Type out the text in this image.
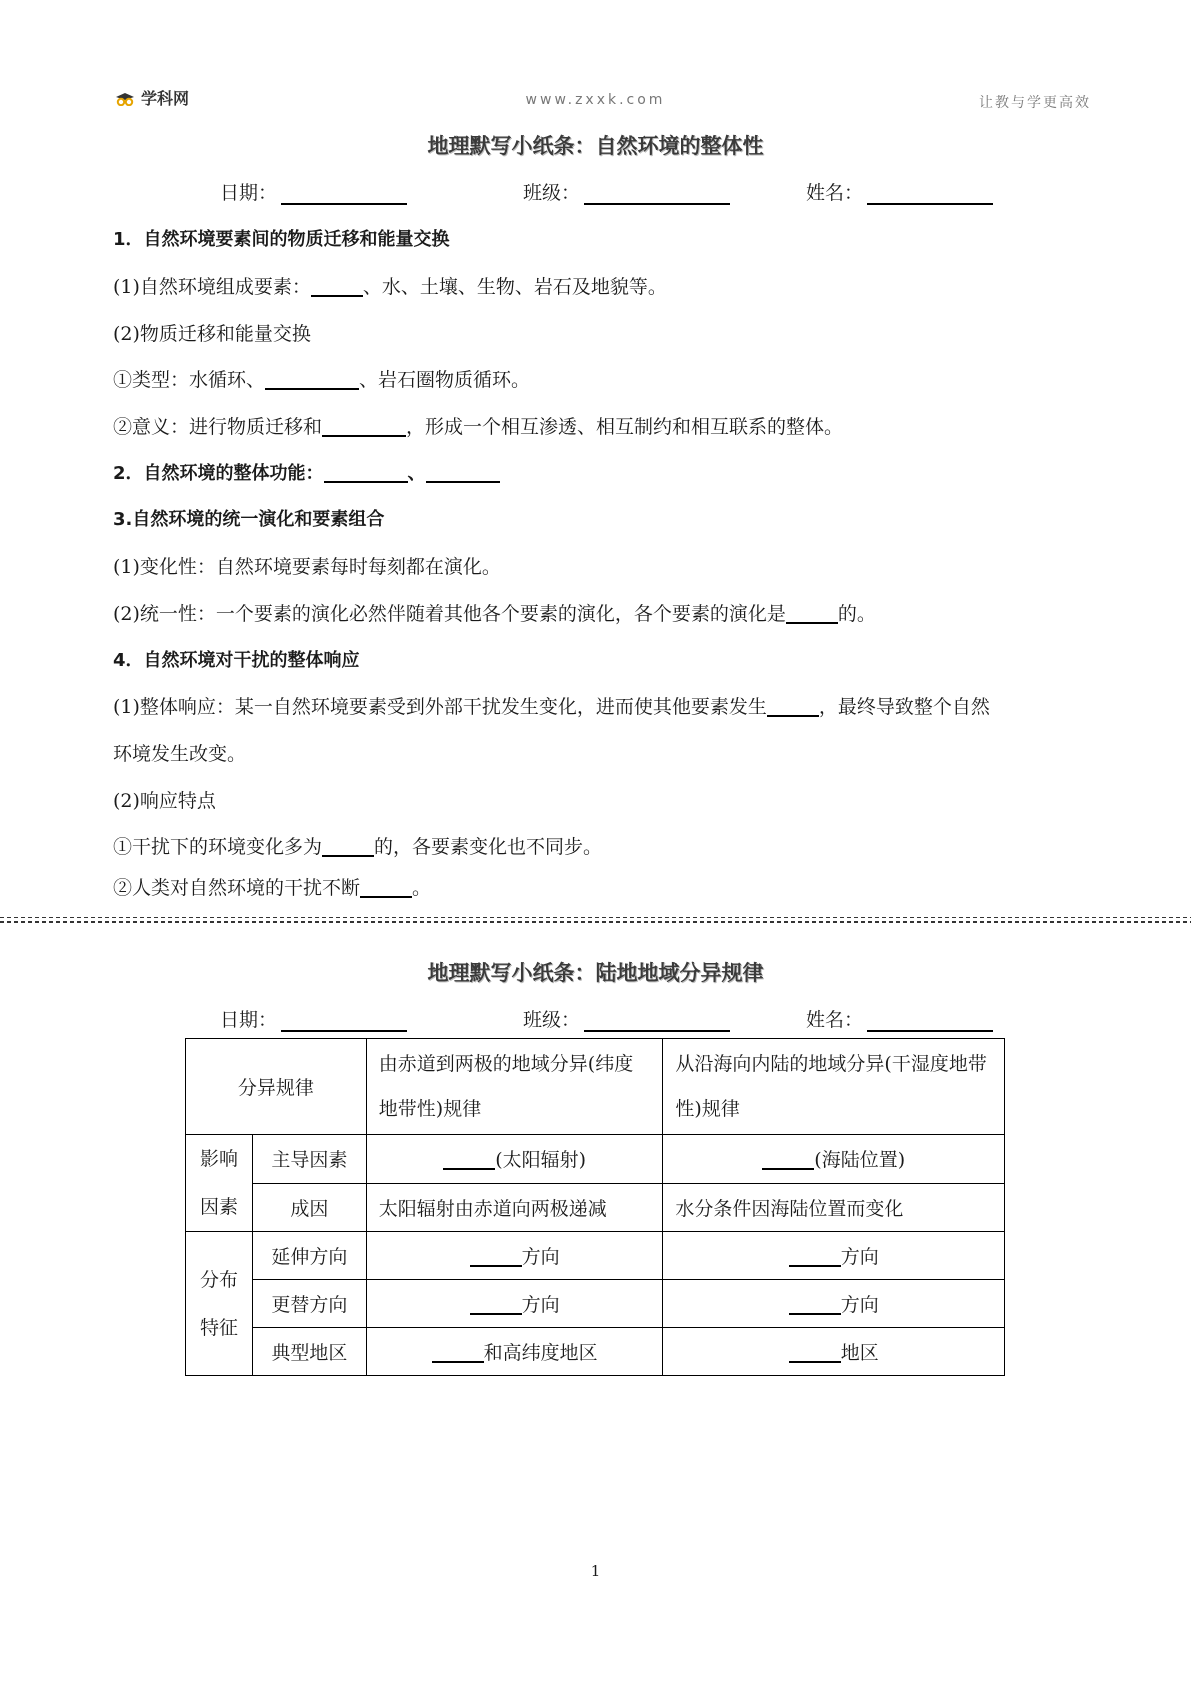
学科网	www.zxxk.com	让教与学更高效
地理默写小纸条：自然环境的整体性
日期：	班级：	姓名：
1．自然环境要素间的物质迁移和能量交换
(1)自然环境组成要素：	、水、土壤、生物、岩石及地貌等。
(2)物质迁移和能量交换
①类型：水循环、	、岩石圈物质循环。
②意义：进行物质迁移和	，形成一个相互渗透、相互制约和相互联系的整体。
2．自然环境的整体功能：	、
3.自然环境的统一演化和要素组合
(1)变化性：自然环境要素每时每刻都在演化。
(2)统一性：一个要素的演化必然伴随着其他各个要素的演化，各个要素的演化是	的。
4．自然环境对干扰的整体响应
(1)整体响应：某一自然环境要素受到外部干扰发生变化，进而使其他要素发生	，最终导致整个自然
环境发生改变。
(2)响应特点
①干扰下的环境变化多为	的，各要素变化也不同步。
②人类对自然环境的干扰不断	。
地理默写小纸条：陆地地域分异规律
日期：	班级：	姓名：
分异规律		由赤道到两极的地域分异(纬度地带性)规律	从沿海向内陆的地域分异(干湿度地带性)规律

影响
因素	主导因素	(太阳辐射)	(海陆位置)
	成因	太阳辐射由赤道向两极递减	水分条件因海陆位置而变化

分布
特征	延伸方向	方向	方向
	更替方向	方向	方向
	典型地区	和高纬度地区	地区
1
